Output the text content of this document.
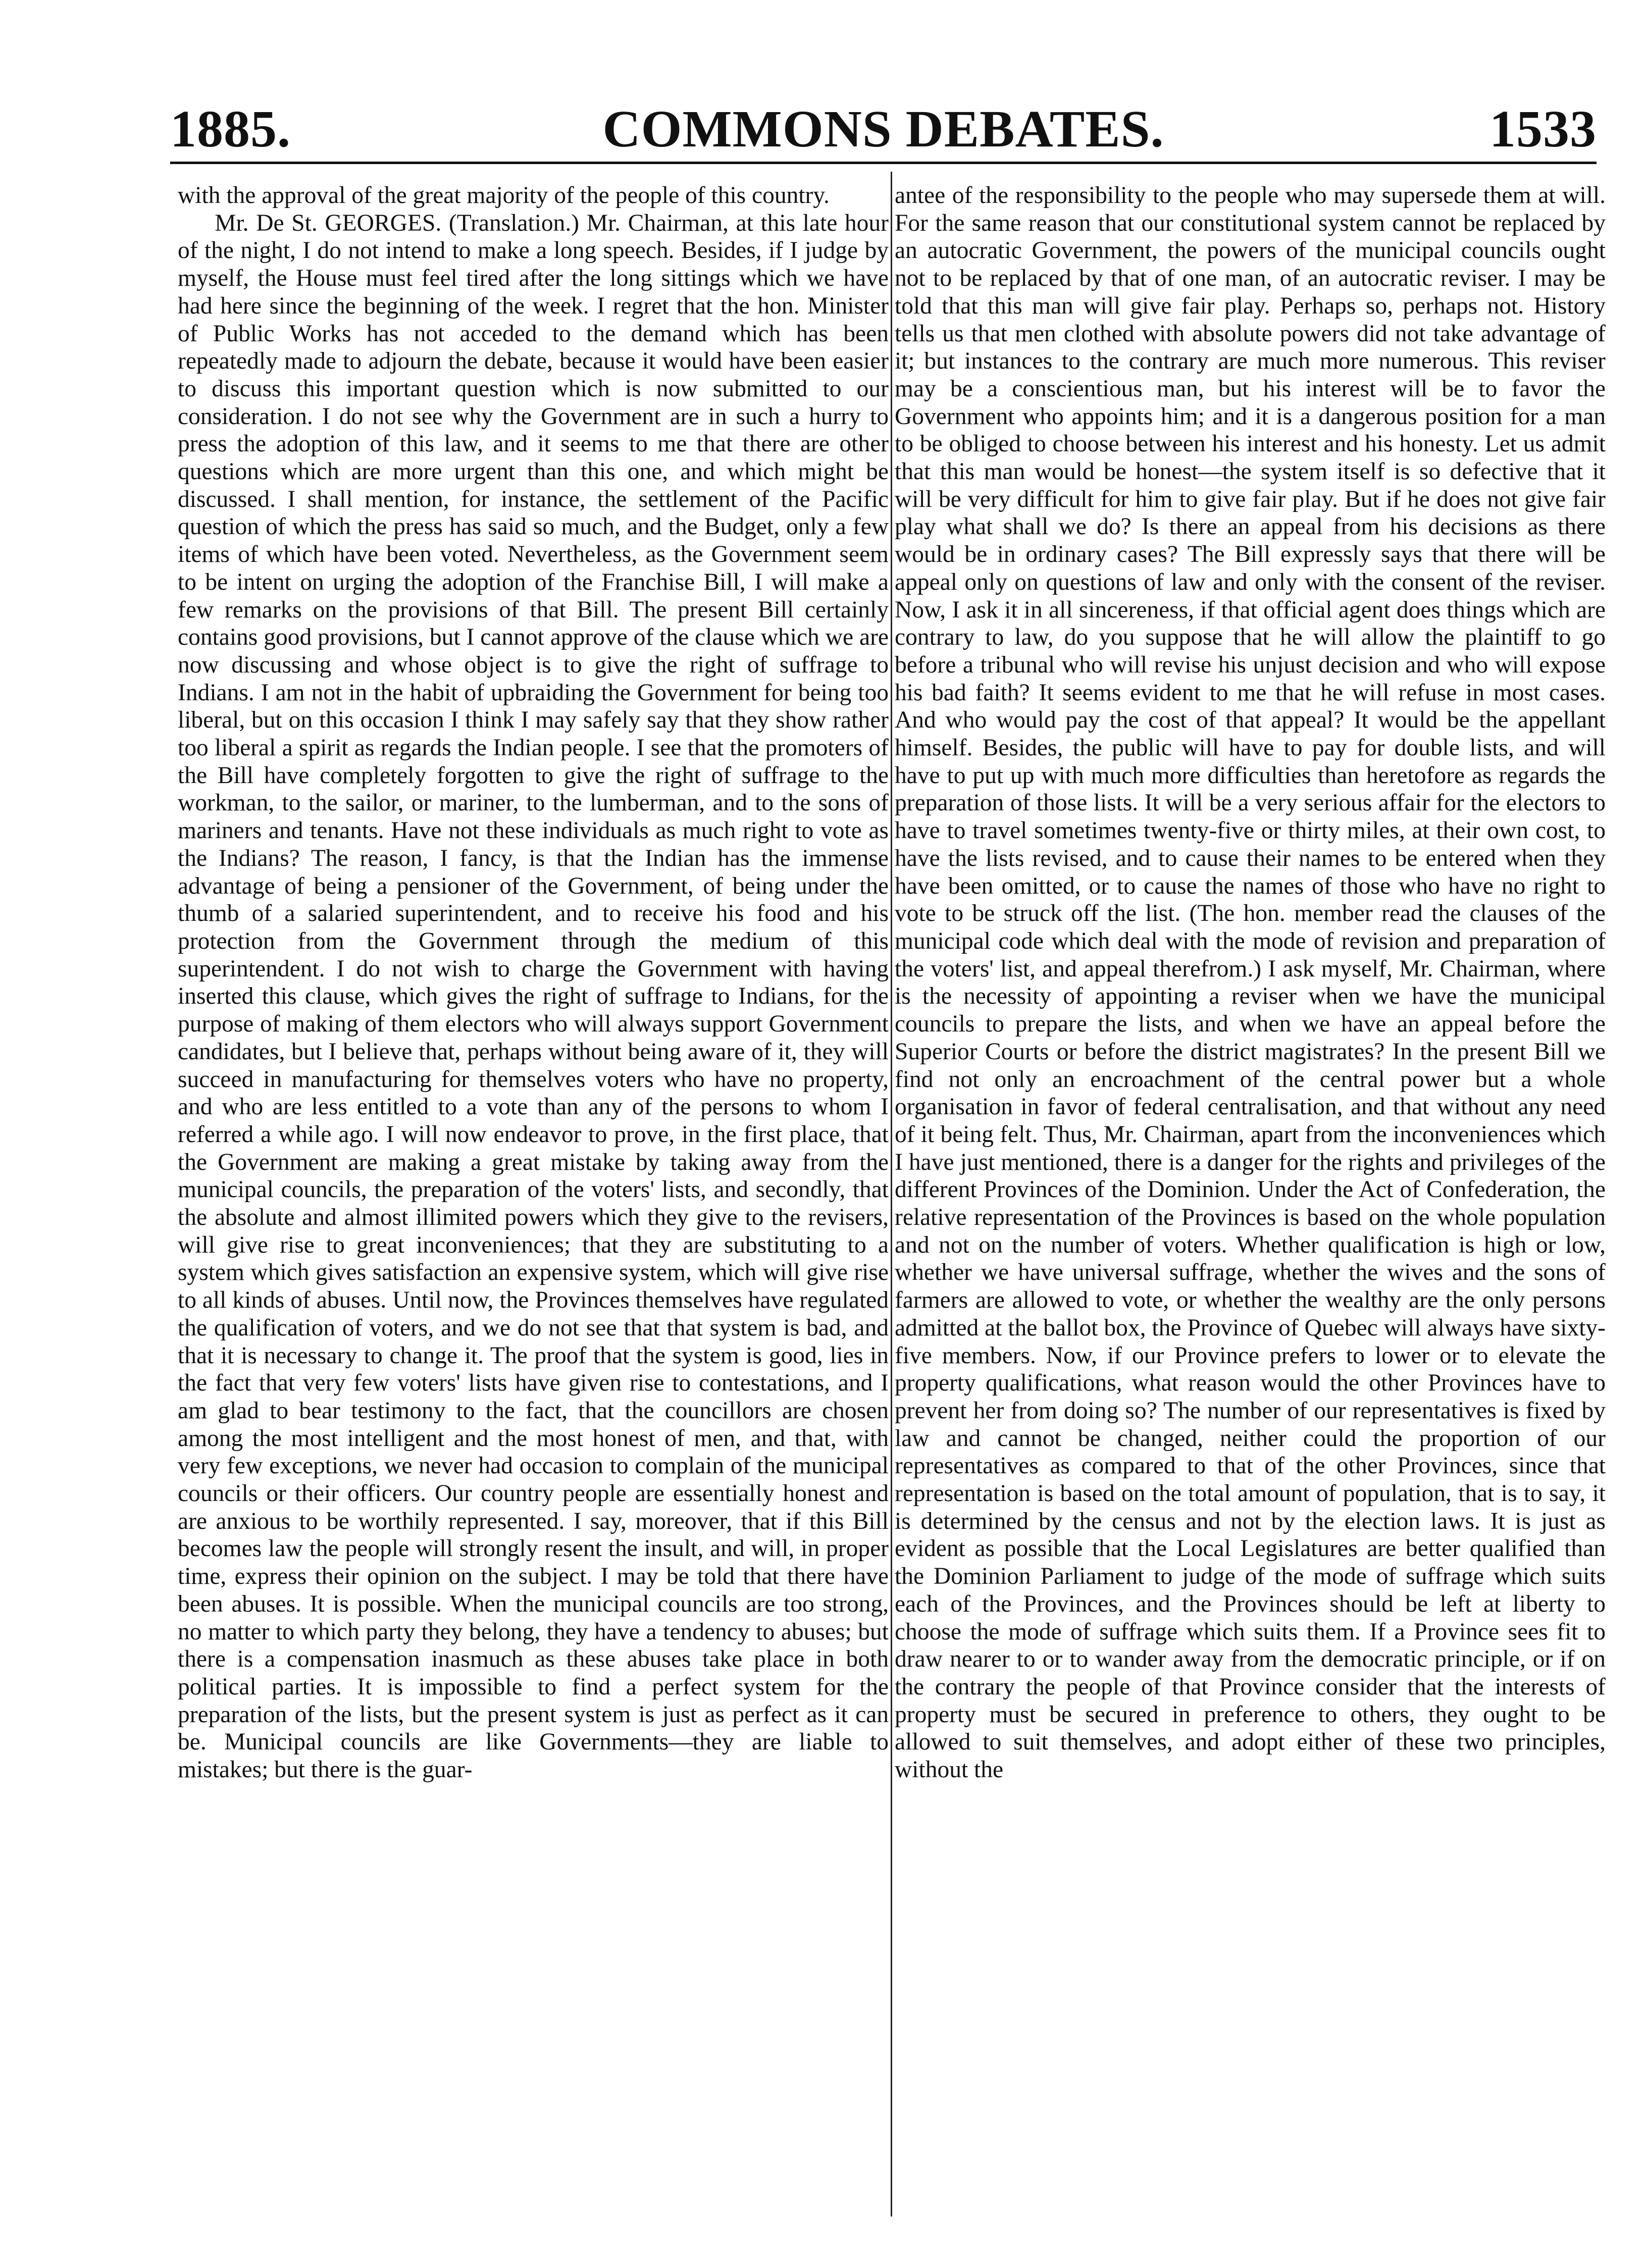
1885.	COMMONS DEBATES.	1533

with the approval of the great majority of the people of this country.
Mr. De St. GEORGES. (Translation.) Mr. Chairman, at this late hour of the night, I do not intend to make a long speech. Besides, if I judge by myself, the House must feel tired after the long sittings which we have had here since the beginning of the week. I regret that the hon. Minister of Public Works has not acceded to the demand which has been repeatedly made to adjourn the debate, because it would have been easier to discuss this important question which is now submitted to our consideration. I do not see why the Government are in such a hurry to press the adoption of this law, and it seems to me that there are other questions which are more urgent than this one, and which might be discussed. I shall mention, for instance, the settlement of the Pacific question of which the press has said so much, and the Budget, only a few items of which have been voted. Nevertheless, as the Government seem to be intent on urging the adoption of the Franchise Bill, I will make a few remarks on the provisions of that Bill. The present Bill certainly contains good provisions, but I cannot approve of the clause which we are now discussing and whose object is to give the right of suffrage to Indians. I am not in the habit of upbraiding the Government for being too liberal, but on this occasion I think I may safely say that they show rather too liberal a spirit as regards the Indian people. I see that the promoters of the Bill have completely forgotten to give the right of suffrage to the workman, to the sailor, or mariner, to the lumberman, and to the sons of mariners and tenants. Have not these individuals as much right to vote as the Indians? The reason, I fancy, is that the Indian has the immense advantage of being a pensioner of the Government, of being under the thumb of a salaried superintendent, and to receive his food and his protection from the Government through the medium of this superintendent. I do not wish to charge the Government with having inserted this clause, which gives the right of suffrage to Indians, for the purpose of making of them electors who will always support Government candidates, but I believe that, perhaps without being aware of it, they will succeed in manufacturing for themselves voters who have no property, and who are less entitled to a vote than any of the persons to whom I referred a while ago. I will now endeavor to prove, in the first place, that the Government are making a great mistake by taking away from the municipal councils, the preparation of the voters' lists, and secondly, that the absolute and almost illimited powers which they give to the revisers, will give rise to great inconveniences; that they are substituting to a system which gives satisfaction an expensive system, which will give rise to all kinds of abuses. Until now, the Provinces themselves have regulated the qualification of voters, and we do not see that that system is bad, and that it is necessary to change it. The proof that the system is good, lies in the fact that very few voters' lists have given rise to contestations, and I am glad to bear testimony to the fact, that the councillors are chosen among the most intelligent and the most honest of men, and that, with very few exceptions, we never had occasion to complain of the municipal councils or their officers. Our country people are essentially honest and are anxious to be worthily represented. I say, moreover, that if this Bill becomes law the people will strongly resent the insult, and will, in proper time, express their opinion on the subject. I may be told that there have been abuses. It is possible. When the municipal councils are too strong, no matter to which party they belong, they have a tendency to abuses; but there is a compensation inasmuch as these abuses take place in both political parties. It is impossible to find a perfect system for the preparation of the lists, but the present system is just as perfect as it can be. Municipal councils are like Governments—they are liable to mistakes; but there is the guar-

antee of the responsibility to the people who may supersede them at will. For the same reason that our constitutional system cannot be replaced by an autocratic Government, the powers of the municipal councils ought not to be replaced by that of one man, of an autocratic reviser. I may be told that this man will give fair play. Perhaps so, perhaps not. History tells us that men clothed with absolute powers did not take advantage of it; but instances to the contrary are much more numerous. This reviser may be a conscientious man, but his interest will be to favor the Government who appoints him; and it is a dangerous position for a man to be obliged to choose between his interest and his honesty. Let us admit that this man would be honest—the system itself is so defective that it will be very difficult for him to give fair play. But if he does not give fair play what shall we do? Is there an appeal from his decisions as there would be in ordinary cases? The Bill expressly says that there will be appeal only on questions of law and only with the consent of the reviser. Now, I ask it in all sincereness, if that official agent does things which are contrary to law, do you suppose that he will allow the plaintiff to go before a tribunal who will revise his unjust decision and who will expose his bad faith? It seems evident to me that he will refuse in most cases. And who would pay the cost of that appeal? It would be the appellant himself. Besides, the public will have to pay for double lists, and will have to put up with much more difficulties than heretofore as regards the preparation of those lists. It will be a very serious affair for the electors to have to travel sometimes twenty-five or thirty miles, at their own cost, to have the lists revised, and to cause their names to be entered when they have been omitted, or to cause the names of those who have no right to vote to be struck off the list. (The hon. member read the clauses of the municipal code which deal with the mode of revision and preparation of the voters' list, and appeal therefrom.) I ask myself, Mr. Chairman, where is the necessity of appointing a reviser when we have the municipal councils to prepare the lists, and when we have an appeal before the Superior Courts or before the district magistrates? In the present Bill we find not only an encroachment of the central power but a whole organisation in favor of federal centralisation, and that without any need of it being felt. Thus, Mr. Chairman, apart from the inconveniences which I have just mentioned, there is a danger for the rights and privileges of the different Provinces of the Dominion. Under the Act of Confederation, the relative representation of the Provinces is based on the whole population and not on the number of voters. Whether qualification is high or low, whether we have universal suffrage, whether the wives and the sons of farmers are allowed to vote, or whether the wealthy are the only persons admitted at the ballot box, the Province of Quebec will always have sixty-five members. Now, if our Province prefers to lower or to elevate the property qualifications, what reason would the other Provinces have to prevent her from doing so? The number of our representatives is fixed by law and cannot be changed, neither could the proportion of our representatives as compared to that of the other Provinces, since that representation is based on the total amount of population, that is to say, it is determined by the census and not by the election laws. It is just as evident as possible that the Local Legislatures are better qualified than the Dominion Parliament to judge of the mode of suffrage which suits each of the Provinces, and the Provinces should be left at liberty to choose the mode of suffrage which suits them. If a Province sees fit to draw nearer to or to wander away from the democratic principle, or if on the contrary the people of that Province consider that the interests of property must be secured in preference to others, they ought to be allowed to suit themselves, and adopt either of these two principles, without the
